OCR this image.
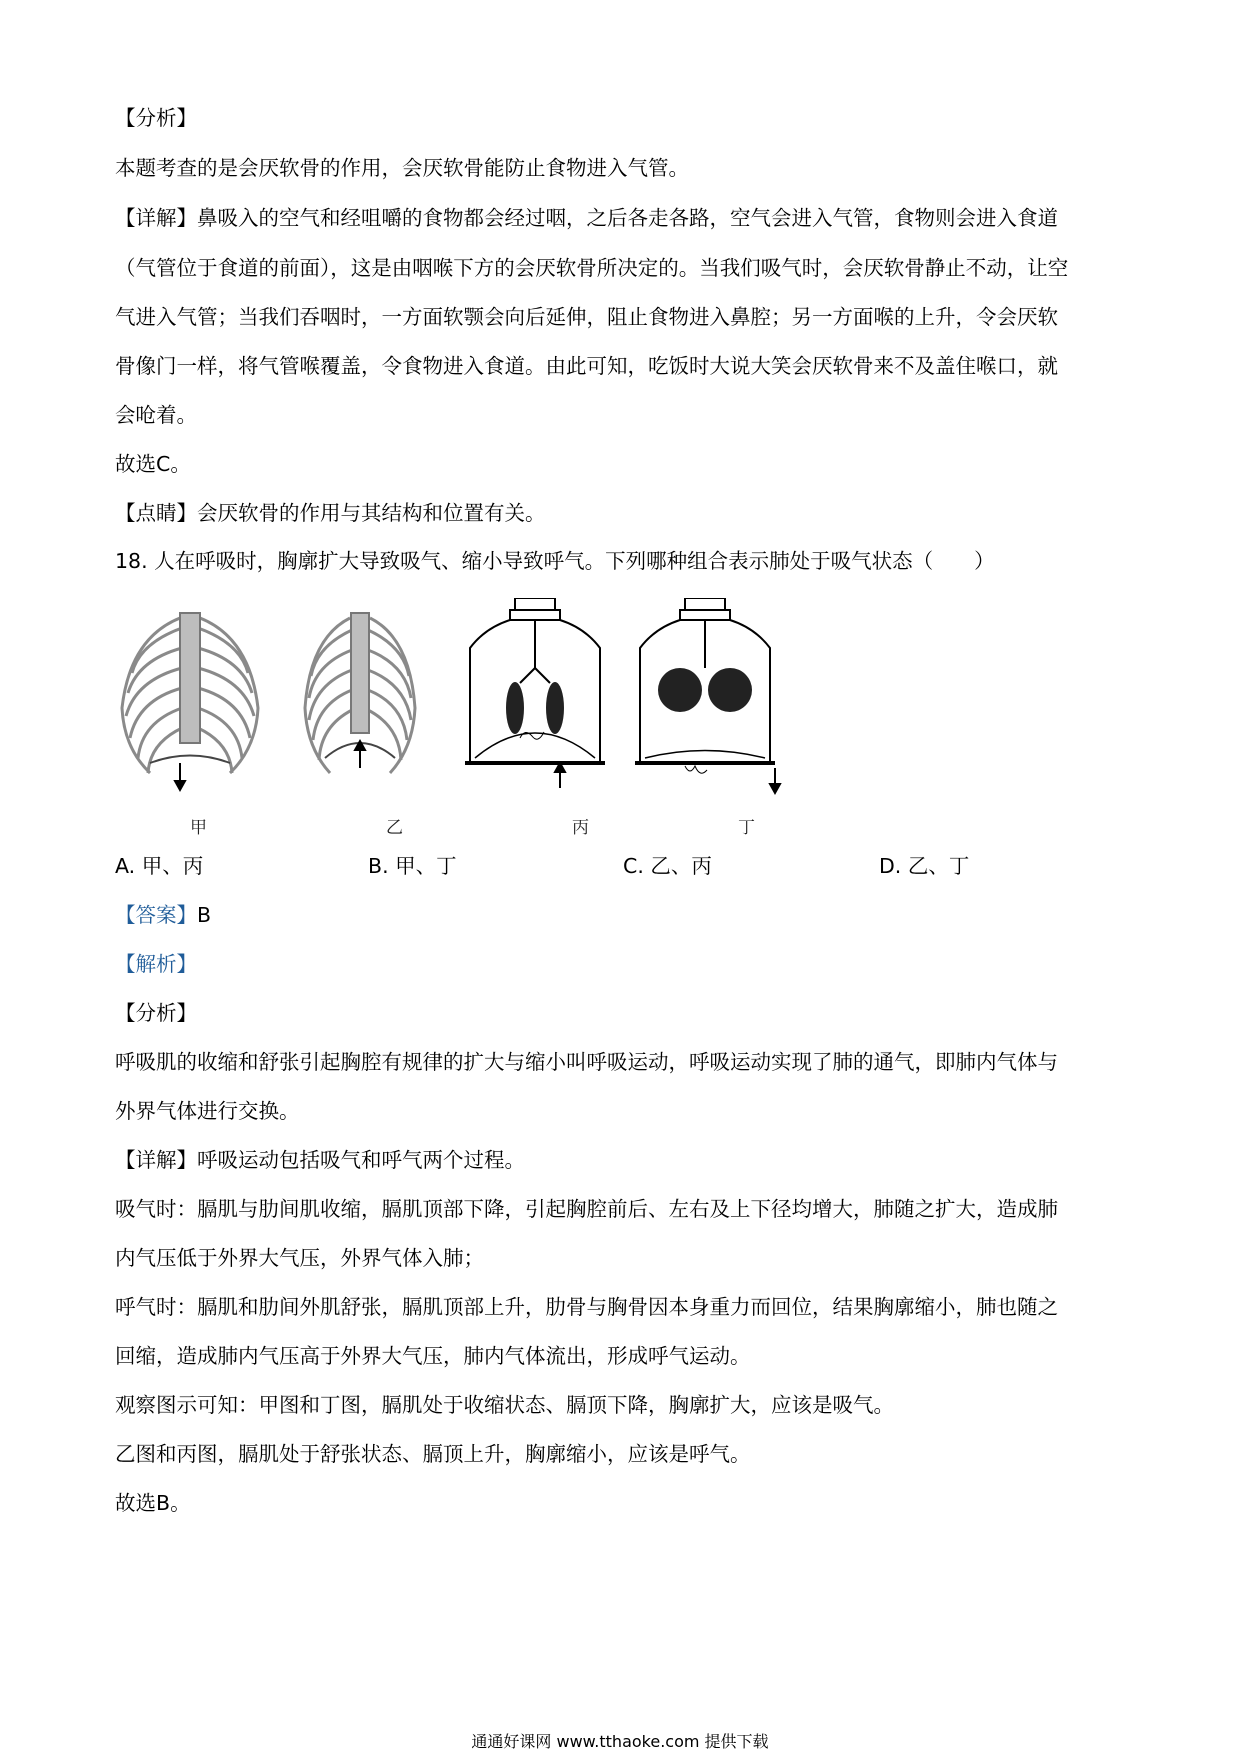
【分析】
本题考查的是会厌软骨的作用，会厌软骨能防止食物进入气管。
【详解】鼻吸入的空气和经咀嚼的食物都会经过咽，之后各走各路，空气会进入气管，食物则会进入食道
（气管位于食道的前面），这是由咽喉下方的会厌软骨所决定的。当我们吸气时，会厌软骨静止不动，让空
气进入气管；当我们吞咽时，一方面软颚会向后延伸，阻止食物进入鼻腔；另一方面喉的上升，令会厌软
骨像门一样，将气管喉覆盖，令食物进入食道。由此可知，吃饭时大说大笑会厌软骨来不及盖住喉口，就
会呛着。
故选C。
【点睛】会厌软骨的作用与其结构和位置有关。
18. 人在呼吸时，胸廓扩大导致吸气、缩小导致呼气。下列哪种组合表示肺处于吸气状态（　　）
甲	乙	丙	丁
A. 甲、丙	B. 甲、丁	C. 乙、丙	D. 乙、丁
【答案】B
【解析】
【分析】
呼吸肌的收缩和舒张引起胸腔有规律的扩大与缩小叫呼吸运动，呼吸运动实现了肺的通气，即肺内气体与
外界气体进行交换。
【详解】呼吸运动包括吸气和呼气两个过程。
吸气时：膈肌与肋间肌收缩，膈肌顶部下降，引起胸腔前后、左右及上下径均增大，肺随之扩大，造成肺
内气压低于外界大气压，外界气体入肺；
呼气时：膈肌和肋间外肌舒张，膈肌顶部上升，肋骨与胸骨因本身重力而回位，结果胸廓缩小，肺也随之
回缩，造成肺内气压高于外界大气压，肺内气体流出，形成呼气运动。
观察图示可知：甲图和丁图，膈肌处于收缩状态、膈顶下降，胸廓扩大，应该是吸气。
乙图和丙图，膈肌处于舒张状态、膈顶上升，胸廓缩小，应该是呼气。
故选B。
通通好课网 www.tthaoke.com 提供下载
